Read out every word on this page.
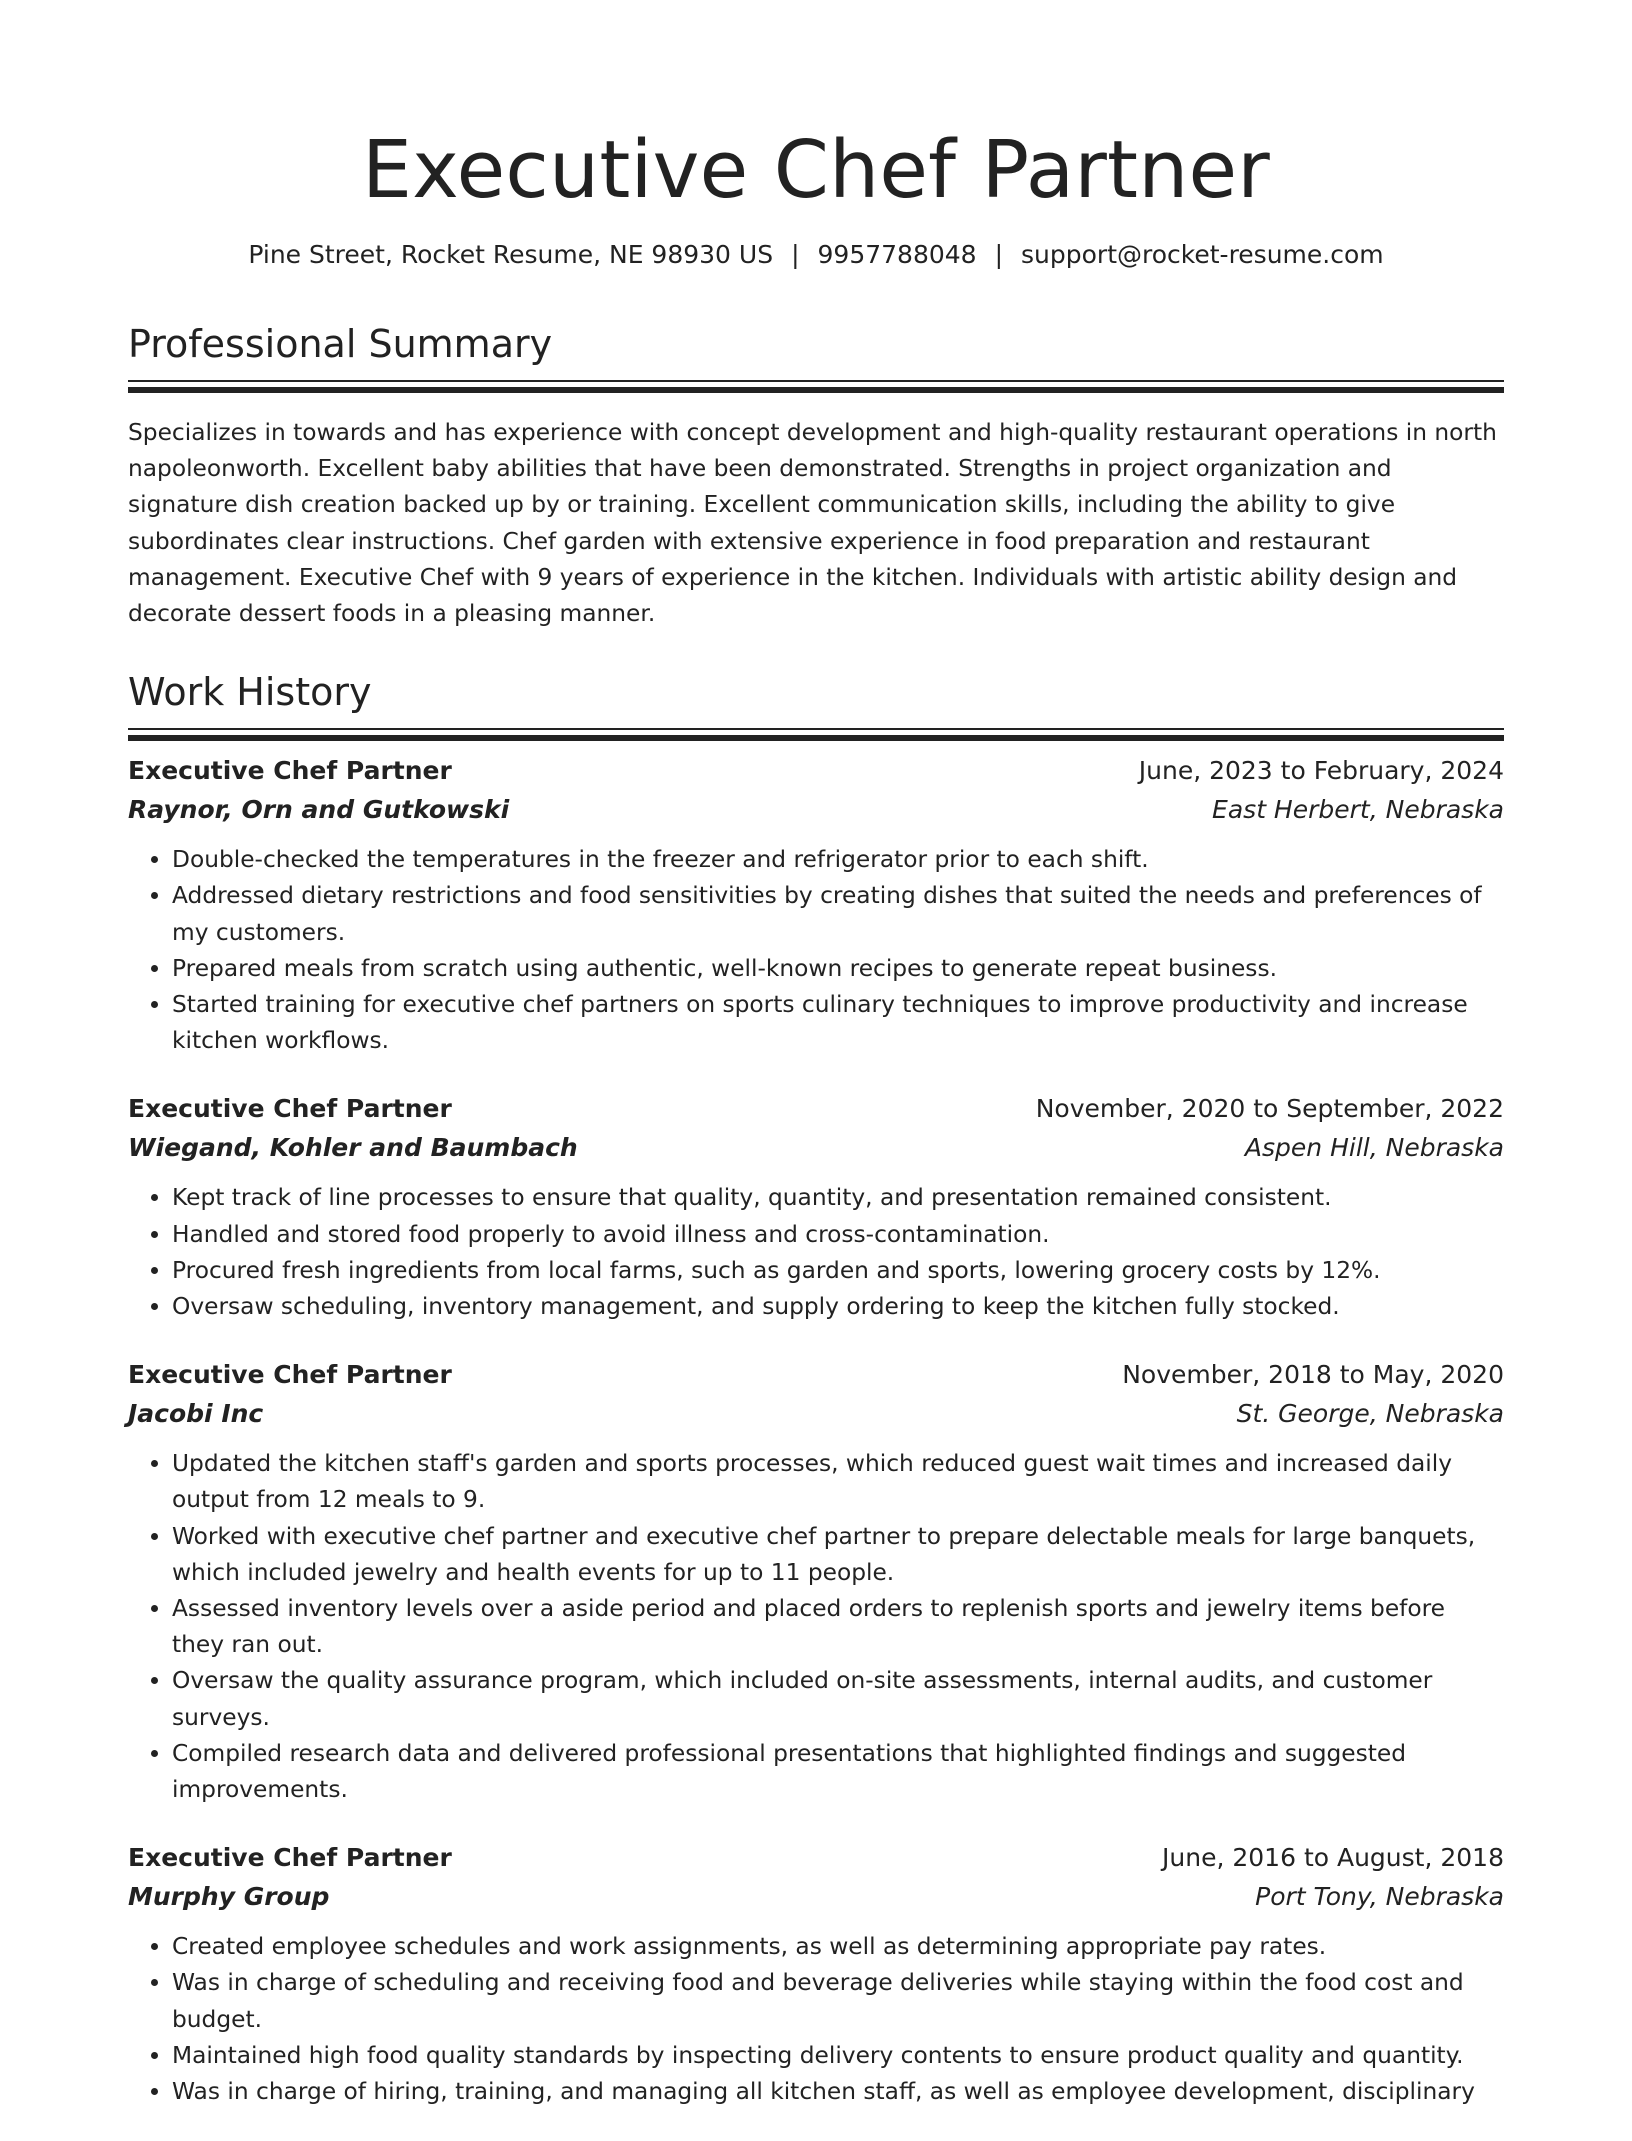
Executive Chef Partner
Pine Street, Rocket Resume, NE 98930 US | 9957788048 | support@rocket-resume.com
Professional Summary

Specializes in towards and has experience with concept development and high-quality restaurant operations in north napoleonworth. Excellent baby abilities that have been demonstrated. Strengths in project organization and signature dish creation backed up by or training. Excellent communication skills, including the ability to give subordinates clear instructions. Chef garden with extensive experience in food preparation and restaurant management. Executive Chef with 9 years of experience in the kitchen. Individuals with artistic ability design and decorate dessert foods in a pleasing manner.

Work History
Executive Chef Partner	June, 2023 to February, 2024
Raynor, Orn and Gutkowski	East Herbert, Nebraska
• Double-checked the temperatures in the freezer and refrigerator prior to each shift.
• Addressed dietary restrictions and food sensitivities by creating dishes that suited the needs and preferences of my customers.
• Prepared meals from scratch using authentic, well-known recipes to generate repeat business.
• Started training for executive chef partners on sports culinary techniques to improve productivity and increase kitchen workflows.
Executive Chef Partner	November, 2020 to September, 2022
Wiegand, Kohler and Baumbach	Aspen Hill, Nebraska
• Kept track of line processes to ensure that quality, quantity, and presentation remained consistent.
• Handled and stored food properly to avoid illness and cross-contamination.
• Procured fresh ingredients from local farms, such as garden and sports, lowering grocery costs by 12%.
• Oversaw scheduling, inventory management, and supply ordering to keep the kitchen fully stocked.
Executive Chef Partner	November, 2018 to May, 2020
Jacobi Inc	St. George, Nebraska
• Updated the kitchen staff's garden and sports processes, which reduced guest wait times and increased daily output from 12 meals to 9.
• Worked with executive chef partner and executive chef partner to prepare delectable meals for large banquets, which included jewelry and health events for up to 11 people.
• Assessed inventory levels over a aside period and placed orders to replenish sports and jewelry items before they ran out.
• Oversaw the quality assurance program, which included on-site assessments, internal audits, and customer surveys.
• Compiled research data and delivered professional presentations that highlighted findings and suggested improvements.
Executive Chef Partner	June, 2016 to August, 2018
Murphy Group	Port Tony, Nebraska
• Created employee schedules and work assignments, as well as determining appropriate pay rates.
• Was in charge of scheduling and receiving food and beverage deliveries while staying within the food cost and budget.
• Maintained high food quality standards by inspecting delivery contents to ensure product quality and quantity.
• Was in charge of hiring, training, and managing all kitchen staff, as well as employee development, disciplinary
